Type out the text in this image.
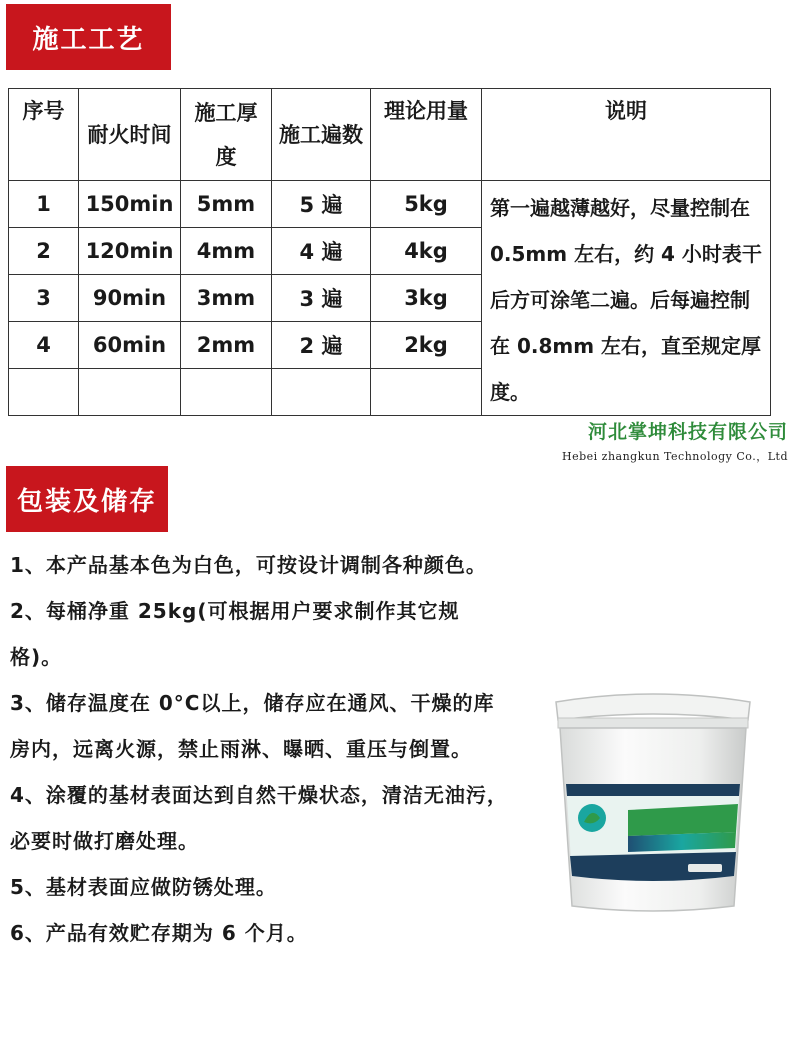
施工工艺
序号	耐火时间	施工厚度	施工遍数	理论用量	说明
1	150min	5mm	5 遍	5kg	第一遍越薄越好，尽量控制在 0.5mm 左右，约 4 小时表干后方可涂笔二遍。后每遍控制在 0.8mm 左右，直至规定厚度。
2	120min	4mm	4 遍	4kg	
3	90min	3mm	3 遍	3kg	
4	60min	2mm	2 遍	2kg	

河北掌坤科技有限公司
Hebei zhangkun Technology Co.，Ltd
包装及储存

1、本产品基本色为白色，可按设计调制各种颜色。

2、每桶净重 25kg(可根据用户要求制作其它规格)。

3、储存温度在 0°C以上，储存应在通风、干燥的库房内，远离火源，禁止雨淋、曝晒、重压与倒置。

4、涂覆的基材表面达到自然干燥状态，清洁无油污，必要时做打磨处理。

5、基材表面应做防锈处理。

6、产品有效贮存期为 6 个月。
